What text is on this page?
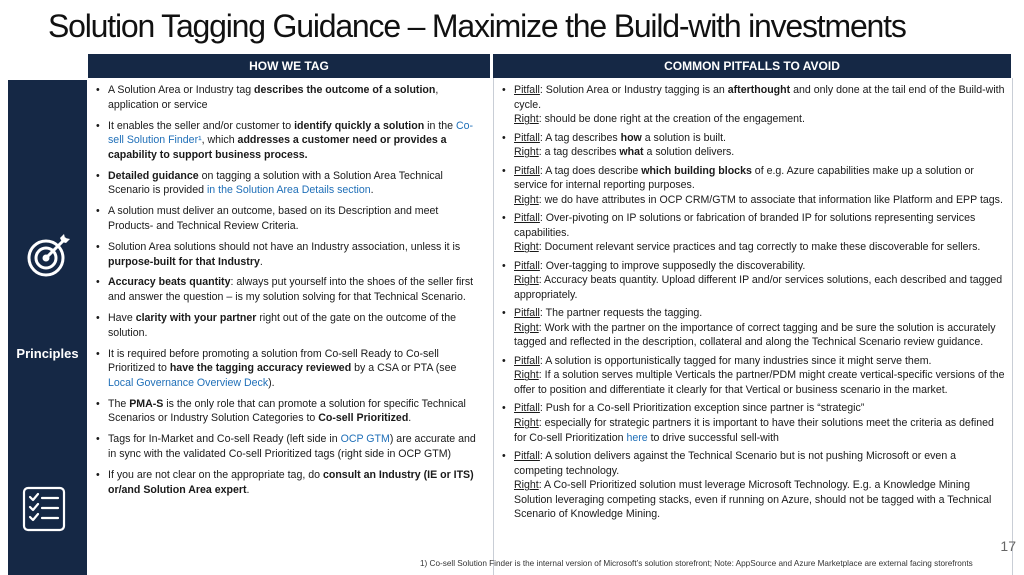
Solution Tagging Guidance – Maximize the Build-with investments
HOW WE TAG	COMMON PITFALLS TO AVOID
Principles
• A Solution Area or Industry tag describes the outcome of a solution, application or service
• It enables the seller and/or customer to identify quickly a solution in the Co-sell Solution Finder¹, which addresses a customer need or provides a capability to support business process.
• Detailed guidance on tagging a solution with a Solution Area Technical Scenario is provided in the Solution Area Details section.
• A solution must deliver an outcome, based on its Description and meet Products- and Technical Review Criteria.
• Solution Area solutions should not have an Industry association, unless it is purpose-built for that Industry.
• Accuracy beats quantity: always put yourself into the shoes of the seller first and answer the question – is my solution solving for that Technical Scenario.
• Have clarity with your partner right out of the gate on the outcome of the solution.
• It is required before promoting a solution from Co-sell Ready to Co-sell Prioritized to have the tagging accuracy reviewed by a CSA or PTA (see Local Governance Overview Deck).
• The PMA-S is the only role that can promote a solution for specific Technical Scenarios or Industry Solution Categories to Co-sell Prioritized.
• Tags for In-Market and Co-sell Ready (left side in OCP GTM) are accurate and in sync with the validated Co-sell Prioritized tags (right side in OCP GTM)
• If you are not clear on the appropriate tag, do consult an Industry (IE or ITS) or/and Solution Area expert.
• Pitfall: Solution Area or Industry tagging is an afterthought and only done at the tail end of the Build-with cycle.
Right: should be done right at the creation of the engagement.
• Pitfall: A tag describes how a solution is built.
Right: a tag describes what a solution delivers.
• Pitfall: A tag does describe which building blocks of e.g. Azure capabilities make up a solution or service for internal reporting purposes.
Right: we do have attributes in OCP CRM/GTM to associate that information like Platform and EPP tags.
• Pitfall: Over-pivoting on IP solutions or fabrication of branded IP for solutions representing services capabilities.
Right: Document relevant service practices and tag correctly to make these discoverable for sellers.
• Pitfall: Over-tagging to improve supposedly the discoverability.
Right: Accuracy beats quantity. Upload different IP and/or services solutions, each described and tagged appropriately.
• Pitfall: The partner requests the tagging.
Right: Work with the partner on the importance of correct tagging and be sure the solution is accurately tagged and reflected in the description, collateral and along the Technical Scenario review guidance.
• Pitfall: A solution is opportunistically tagged for many industries since it might serve them.
Right: If a solution serves multiple Verticals the partner/PDM might create vertical-specific versions of the offer to position and differentiate it clearly for that Vertical or business scenario in the market.
• Pitfall: Push for a Co-sell Prioritization exception since partner is “strategic”
Right: especially for strategic partners it is important to have their solutions meet the criteria as defined for Co-sell Prioritization here to drive successful sell-with
• Pitfall: A solution delivers against the Technical Scenario but is not pushing Microsoft or even a competing technology.
Right: A Co-sell Prioritized solution must leverage Microsoft Technology. E.g. a Knowledge Mining Solution leveraging competing stacks, even if running on Azure, should not be tagged with a Technical Scenario of Knowledge Mining.
17
1) Co-sell Solution Finder is the internal version of Microsoft’s solution storefront; Note: AppSource and Azure Marketplace are external facing storefronts
